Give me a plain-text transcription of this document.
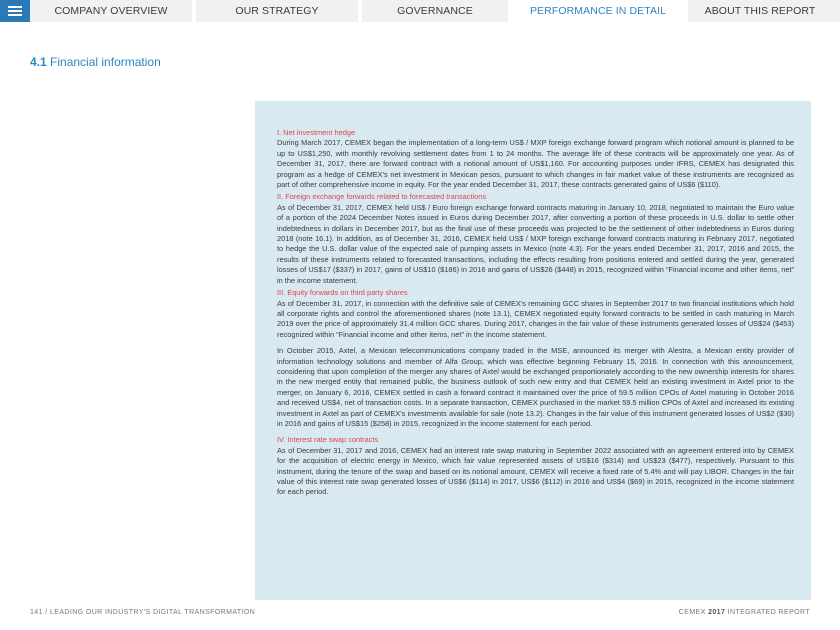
COMPANY OVERVIEW	OUR STRATEGY	GOVERNANCE	PERFORMANCE IN DETAIL	ABOUT THIS REPORT
4.1 Financial information
I. Net investment hedge
During March 2017, CEMEX began the implementation of a long-term US$ / MXP foreign exchange forward program which notional amount is planned to be up to US$1,250, with monthly revolving settlement dates from 1 to 24 months. The average life of these contracts will be approximately one year. As of December 31, 2017, there are forward contract with a notional amount of US$1,160. For accounting purposes under IFRS, CEMEX has designated this program as a hedge of CEMEX's net investment in Mexican pesos, pursuant to which changes in fair market value of these instruments are recognized as part of other comprehensive income in equity. For the year ended December 31, 2017, these contracts generated gains of US$6 ($110).
II. Foreign exchange forwards related to forecasted transactions
As of December 31, 2017, CEMEX held US$ / Euro foreign exchange forward contracts maturing in January 10, 2018, negotiated to maintain the Euro value of a portion of the 2024 December Notes issued in Euros during December 2017, after converting a portion of these proceeds in U.S. dollar to settle other indebtedness in dollars in December 2017, but as the final use of these proceeds was projected to be the settlement of other indebtedness in Euros during 2018 (note 16.1). In addition, as of December 31, 2016, CEMEX held US$ / MXP foreign exchange forward contracts maturing in February 2017, negotiated to hedge the U.S. dollar value of the expected sale of pumping assets in Mexico (note 4.3). For the years ended December 31, 2017, 2016 and 2015, the results of these instruments related to forecasted transactions, including the effects resulting from positions entered and settled during the year, generated losses of US$17 ($337) in 2017, gains of US$10 ($186) in 2016 and gains of US$26 ($448) in 2015, recognized within “Financial income and other items, net” in the income statement.
III. Equity forwards on third party shares
As of December 31, 2017, in connection with the definitive sale of CEMEX's remaining GCC shares in September 2017 to two financial institutions which hold all corporate rights and control the aforementioned shares (note 13.1), CEMEX negotiated equity forward contracts to be settled in cash maturing in March 2019 over the price of approximately 31.4 million GCC shares. During 2017, changes in the fair value of these instruments generated losses of US$24 ($453) recognized within “Financial income and other items, net” in the income statement.
In October 2015, Axtel, a Mexican telecommunications company traded in the MSE, announced its merger with Alestra, a Mexican entity provider of information technology solutions and member of Alfa Group, which was effective beginning February 15, 2016. In connection with this announcement, considering that upon completion of the merger any shares of Axtel would be exchanged proportionately according to the new ownership interests for shares in the new merged entity that remained public, the business outlook of such new entry and that CEMEX held an existing investment in Axtel prior to the merger, on January 6, 2016, CEMEX settled in cash a forward contract it maintained over the price of 59.5 million CPOs of Axtel maturing in October 2016 and received US$4, net of transaction costs. In a separate transaction, CEMEX purchased in the market 59.5 million CPOs of Axtel and increased its existing investment in Axtel as part of CEMEX's investments available for sale (note 13.2). Changes in the fair value of this instrument generated losses of US$2 ($30) in 2016 and gains of US$15 ($258) in 2015, recognized in the income statement for each period.
IV. Interest rate swap contracts
As of December 31, 2017 and 2016, CEMEX had an interest rate swap maturing in September 2022 associated with an agreement entered into by CEMEX for the acquisition of electric energy in Mexico, which fair value represented assets of US$16 ($314) and US$23 ($477), respectively. Pursuant to this instrument, during the tenure of the swap and based on its notional amount, CEMEX will receive a fixed rate of 5.4% and will pay LIBOR. Changes in the fair value of this interest rate swap generated losses of US$6 ($114) in 2017, US$6 ($112) in 2016 and US$4 ($69) in 2015, recognized in the income statement for each period.
141 / LEADING OUR INDUSTRY'S DIGITAL TRANSFORMATION	CEMEX 2017 INTEGRATED REPORT
